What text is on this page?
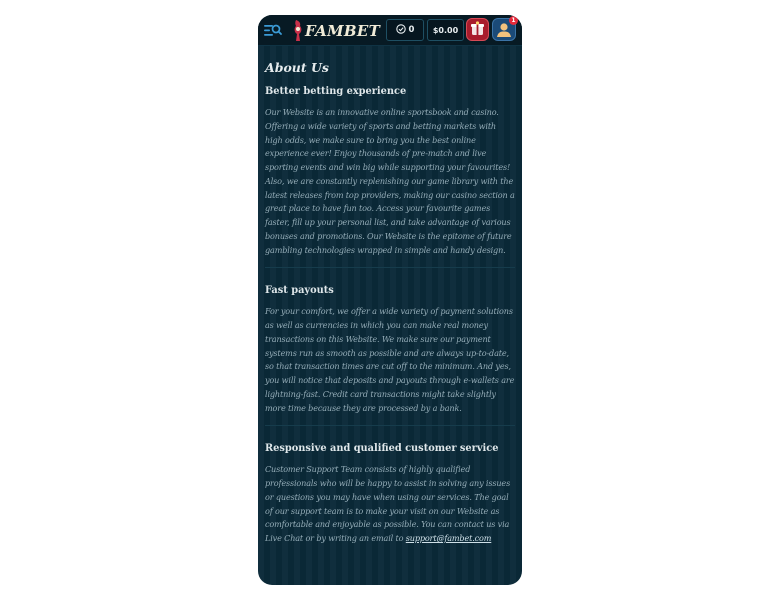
FAMBET	0 $0.00
1
About Us
Better betting experience

Our Website is an innovative online sportsbook and casino. Offering a wide variety of sports and betting markets with high odds, we make sure to bring you the best online experience ever! Enjoy thousands of pre-match and live sporting events and win big while supporting your favourites! Also, we are constantly replenishing our game library with the latest releases from top providers, making our casino section a great place to have fun too. Access your favourite games faster, fill up your personal list, and take advantage of various bonuses and promotions. Our Website is the epitome of future gambling technologies wrapped in simple and handy design.

Fast payouts

For your comfort, we offer a wide variety of payment solutions as well as currencies in which you can make real money transactions on this Website. We make sure our payment systems run as smooth as possible and are always up-to-date, so that transaction times are cut off to the minimum. And yes, you will notice that deposits and payouts through e-wallets are lightning-fast. Credit card transactions might take slightly more time because they are processed by a bank.

Responsive and qualified customer service

Customer Support Team consists of highly qualified professionals who will be happy to assist in solving any issues or questions you may have when using our services. The goal of our support team is to make your visit on our Website as comfortable and enjoyable as possible. You can contact us via Live Chat or by writing an email to support@fambet.com
